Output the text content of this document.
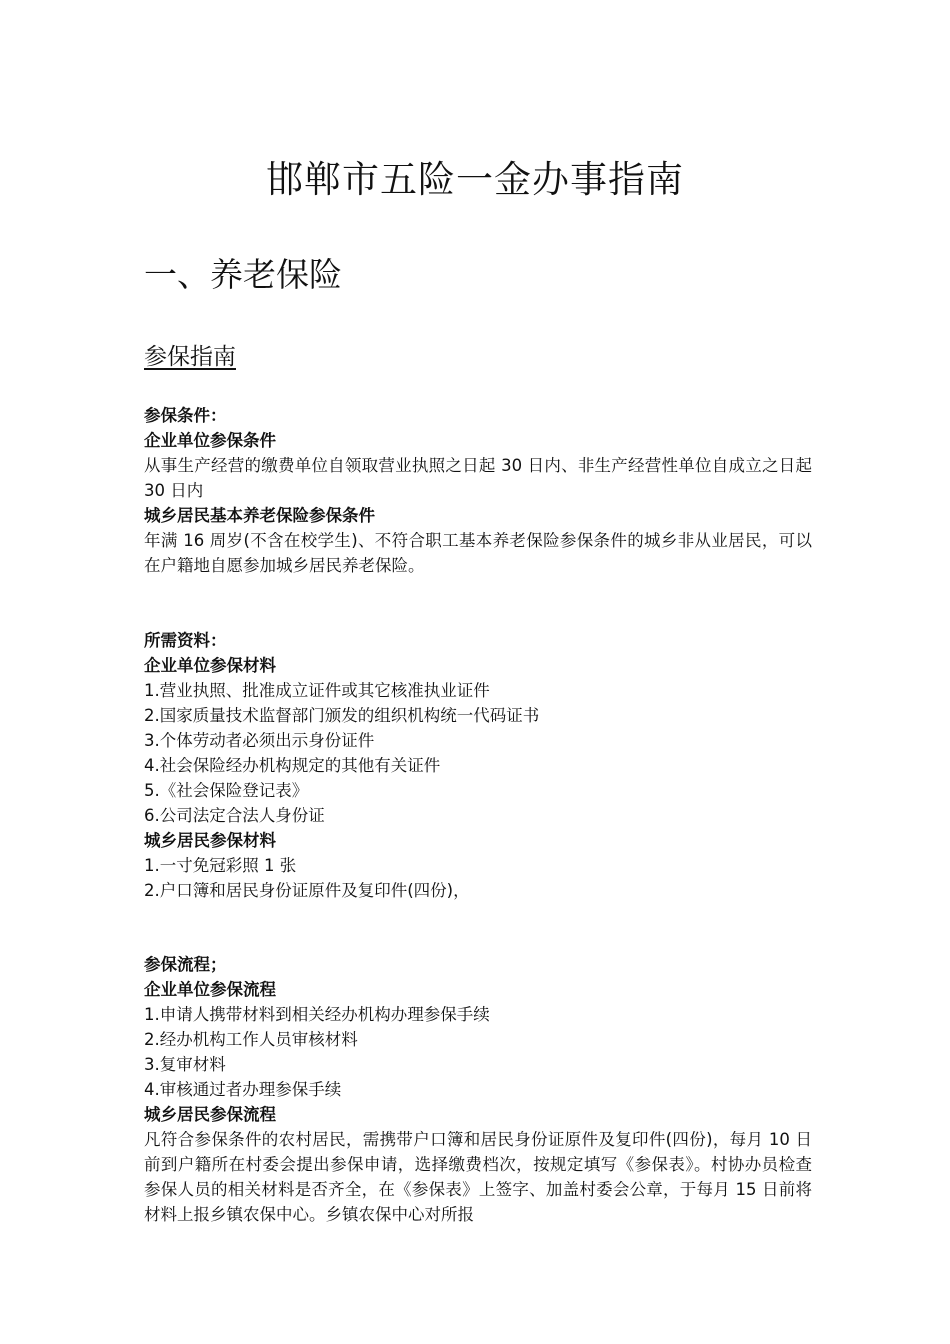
邯郸市五险一金办事指南
一、养老保险
参保指南

参保条件：

企业单位参保条件

从事生产经营的缴费单位自领取营业执照之日起 30 日内、非生产经营性单位自成立之日起 30 日内

城乡居民基本养老保险参保条件

年满 16 周岁(不含在校学生)、不符合职工基本养老保险参保条件的城乡非从业居民，可以在户籍地自愿参加城乡居民养老保险。

所需资料：

企业单位参保材料

1.营业执照、批准成立证件或其它核准执业证件

2.国家质量技术监督部门颁发的组织机构统一代码证书

3.个体劳动者必须出示身份证件

4.社会保险经办机构规定的其他有关证件

5.《社会保险登记表》

6.公司法定合法人身份证

城乡居民参保材料

1.一寸免冠彩照 1 张

2.户口簿和居民身份证原件及复印件(四份)，

参保流程；

企业单位参保流程

1.申请人携带材料到相关经办机构办理参保手续

2.经办机构工作人员审核材料

3.复审材料

4.审核通过者办理参保手续

城乡居民参保流程

凡符合参保条件的农村居民，需携带户口簿和居民身份证原件及复印件(四份)，每月 10 日前到户籍所在村委会提出参保申请，选择缴费档次，按规定填写《参保表》。村协办员检查参保人员的相关材料是否齐全，在《参保表》上签字、加盖村委会公章，于每月 15 日前将材料上报乡镇农保中心。乡镇农保中心对所报
